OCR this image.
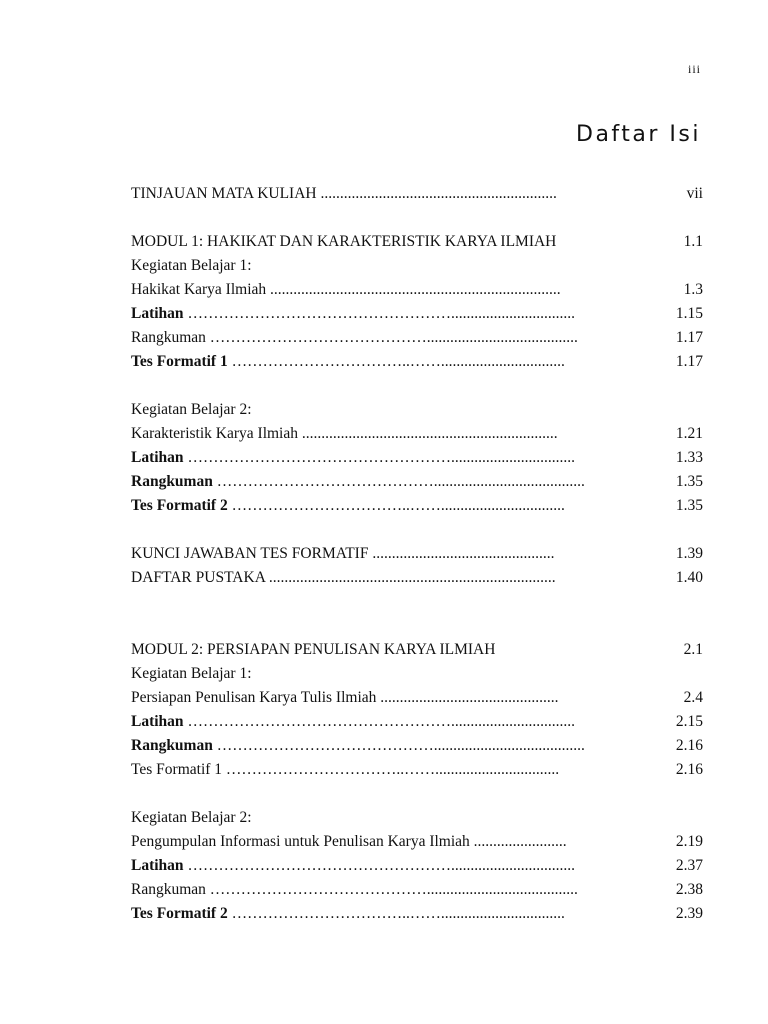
iii
Daftar Isi
TINJAUAN MATA KULIAH .............................................................	vii
MODUL 1: HAKIKAT DAN KARAKTERISTIK KARYA ILMIAH	1.1
Kegiatan Belajar 1:
Hakikat Karya Ilmiah ...........................................................................	1.3
Latihan ……………………………………………................................	1.15
Rangkuman …………………………………….......................................	1.17
Tes Formatif 1 ……………………………..……................................	1.17
Kegiatan Belajar 2:
Karakteristik Karya Ilmiah ..................................................................	1.21
Latihan ……………………………………………................................	1.33
Rangkuman …………………………………….......................................	1.35
Tes Formatif 2 ……………………………..……................................	1.35
KUNCI JAWABAN TES FORMATIF ...............................................	1.39
DAFTAR PUSTAKA ..........................................................................	1.40
MODUL 2: PERSIAPAN PENULISAN KARYA ILMIAH	2.1
Kegiatan Belajar 1:
Persiapan Penulisan Karya Tulis Ilmiah ..............................................	2.4
Latihan ……………………………………………................................	2.15
Rangkuman …………………………………….......................................	2.16
Tes Formatif 1 ……………………………..……................................	2.16
Kegiatan Belajar 2:
Pengumpulan Informasi untuk Penulisan Karya Ilmiah ........................	2.19
Latihan ……………………………………………................................	2.37
Rangkuman …………………………………….......................................	2.38
Tes Formatif 2 ……………………………..……................................	2.39
